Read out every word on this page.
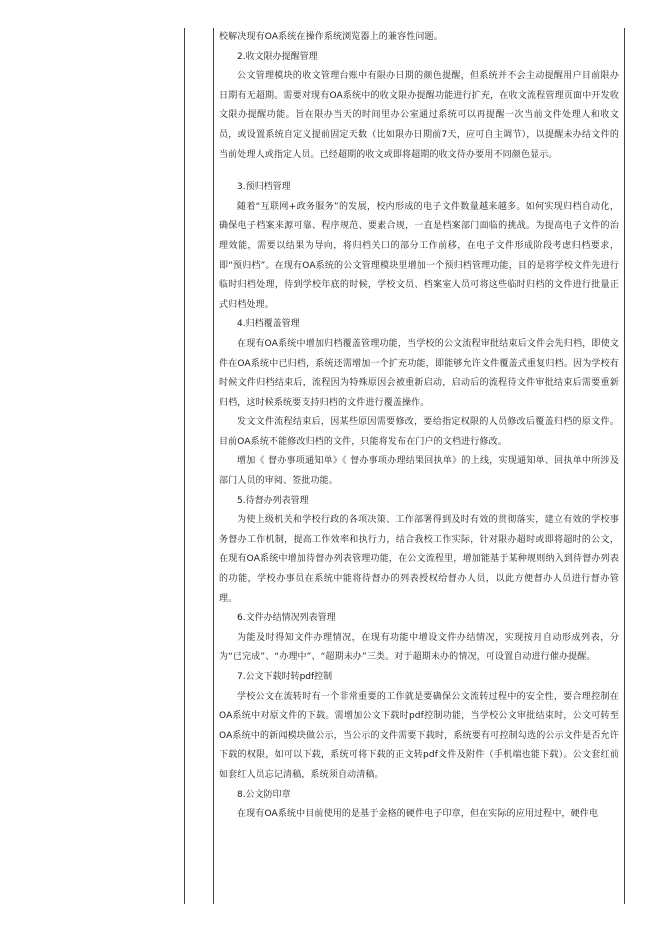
校解决现有OA系统在操作系统浏览器上的兼容性问题。

2.收文限办提醒管理

公文管理模块的收文管理台账中有限办日期的颜色提醒，但系统并不会主动提醒用户目前限办日期有无超期。需要对现有OA系统中的收文限办提醒功能进行扩充，在收文流程管理页面中开发收文限办提醒功能。旨在限办当天的时间里办公室通过系统可以再提醒一次当前文件处理人和收文员，或设置系统自定义提前固定天数（比如限办日期前7天，应可自主调节），以提醒未办结文件的当前处理人或指定人员。已经超期的收文或即将超期的收文待办要用不同颜色显示。

3.预归档管理

随着“互联网+政务服务”的发展，校内形成的电子文件数量越来越多。如何实现归档自动化，确保电子档案来源可靠、程序规范、要素合规，一直是档案部门面临的挑战。为提高电子文件的治理效能，需要以结果为导向，将归档关口的部分工作前移，在电子文件形成阶段考虑归档要求，即“预归档”。在现有OA系统的公文管理模块里增加一个预归档管理功能，目的是将学校文件先进行临时归档处理，待到学校年底的时候，学校文员、档案室人员可将这些临时归档的文件进行批量正式归档处理。

4.归档覆盖管理

在现有OA系统中增加归档覆盖管理功能，当学校的公文流程审批结束后文件会先归档，即使文件在OA系统中已归档，系统还需增加一个扩充功能，即能够允许文件覆盖式重复归档。因为学校有时候文件归档结束后，流程因为特殊原因会被重新启动，启动后的流程待文件审批结束后需要重新归档，这时候系统要支持归档的文件进行覆盖操作。

发文文件流程结束后，因某些原因需要修改，要给指定权限的人员修改后覆盖归档的原文件。目前OA系统不能修改归档的文件，只能将发布在门户的文档进行修改。

增加《 督办事项通知单》《 督办事项办理结果回执单》的上线，实现通知单、回执单中所涉及部门人员的审阅、签批功能。

5.待督办列表管理

为使上级机关和学校行政的各项决策、工作部署得到及时有效的贯彻落实，建立有效的学校事务督办工作机制，提高工作效率和执行力，结合我校工作实际，针对限办超时或即将超时的公文，在现有OA系统中增加待督办列表管理功能，在公文流程里，增加能基于某种规则纳入到待督办列表的功能，学校办事员在系统中能将待督办的列表授权给督办人员，以此方便督办人员进行督办管理。

6.文件办结情况列表管理

为能及时得知文件办理情况，在现有功能中增设文件办结情况，实现按月自动形成列表，分为“已完成”、“办理中”、“超期未办”三类。对于超期未办的情况，可设置自动进行催办提醒。

7.公文下载时转pdf控制

学校公文在流转时有一个非常重要的工作就是要确保公文流转过程中的安全性，要合理控制在OA系统中对原文件的下载。需增加公文下载时pdf控制功能，当学校公文审批结束时，公文可转至OA系统中的新闻模块做公示，当公示的文件需要下载时，系统要有可控制勾选的公示文件是否允许下载的权限，如可以下载，系统可将下载的正文转pdf文件及附件（手机端也能下载）。公文套红前如套红人员忘记清稿，系统须自动清稿。

8.公文防印章

在现有OA系统中目前使用的是基于金格的硬件电子印章，但在实际的应用过程中，硬件电
